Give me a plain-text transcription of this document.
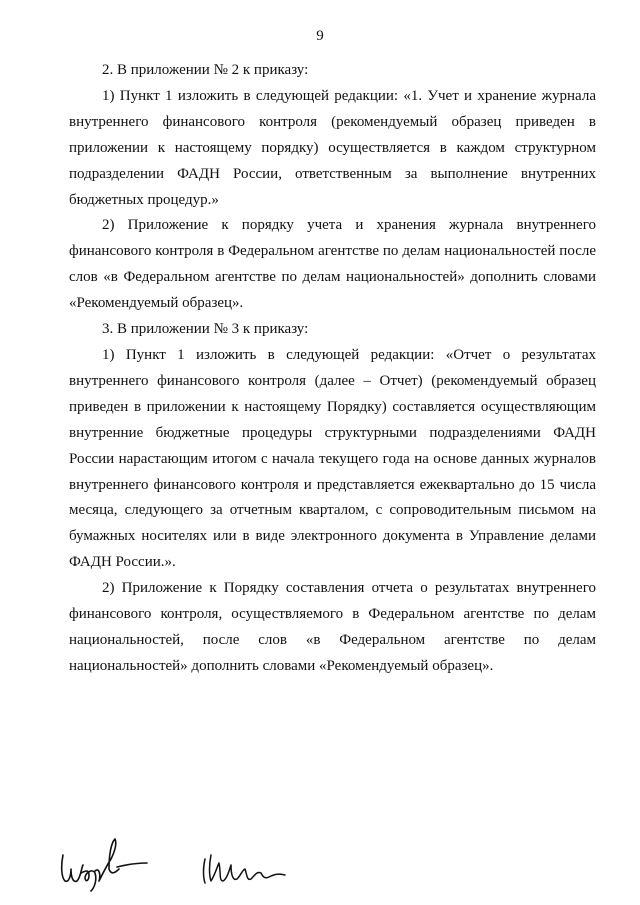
9

2. В приложении № 2 к приказу:

1) Пункт 1 изложить в следующей редакции: «1. Учет и хранение журнала внутреннего финансового контроля (рекомендуемый образец приведен в приложении к настоящему порядку) осуществляется в каждом структурном подразделении ФАДН России, ответственным за выполнение внутренних бюджетных процедур.»

2) Приложение к порядку учета и хранения журнала внутреннего финансового контроля в Федеральном агентстве по делам национальностей после слов «в Федеральном агентстве по делам национальностей» дополнить словами «Рекомендуемый образец».

3. В приложении № 3 к приказу:

1) Пункт 1 изложить в следующей редакции: «Отчет о результатах внутреннего финансового контроля (далее – Отчет) (рекомендуемый образец приведен в приложении к настоящему Порядку) составляется осуществляющим внутренние бюджетные процедуры структурными подразделениями ФАДН России нарастающим итогом с начала текущего года на основе данных журналов внутреннего финансового контроля и представляется ежеквартально до 15 числа месяца, следующего за отчетным кварталом, с сопроводительным письмом на бумажных носителях или в виде электронного документа в Управление делами ФАДН России.».

2) Приложение к Порядку составления отчета о результатах внутреннего финансового контроля, осуществляемого в Федеральном агентстве по делам национальностей, после слов «в Федеральном агентстве по делам национальностей» дополнить словами «Рекомендуемый образец».
